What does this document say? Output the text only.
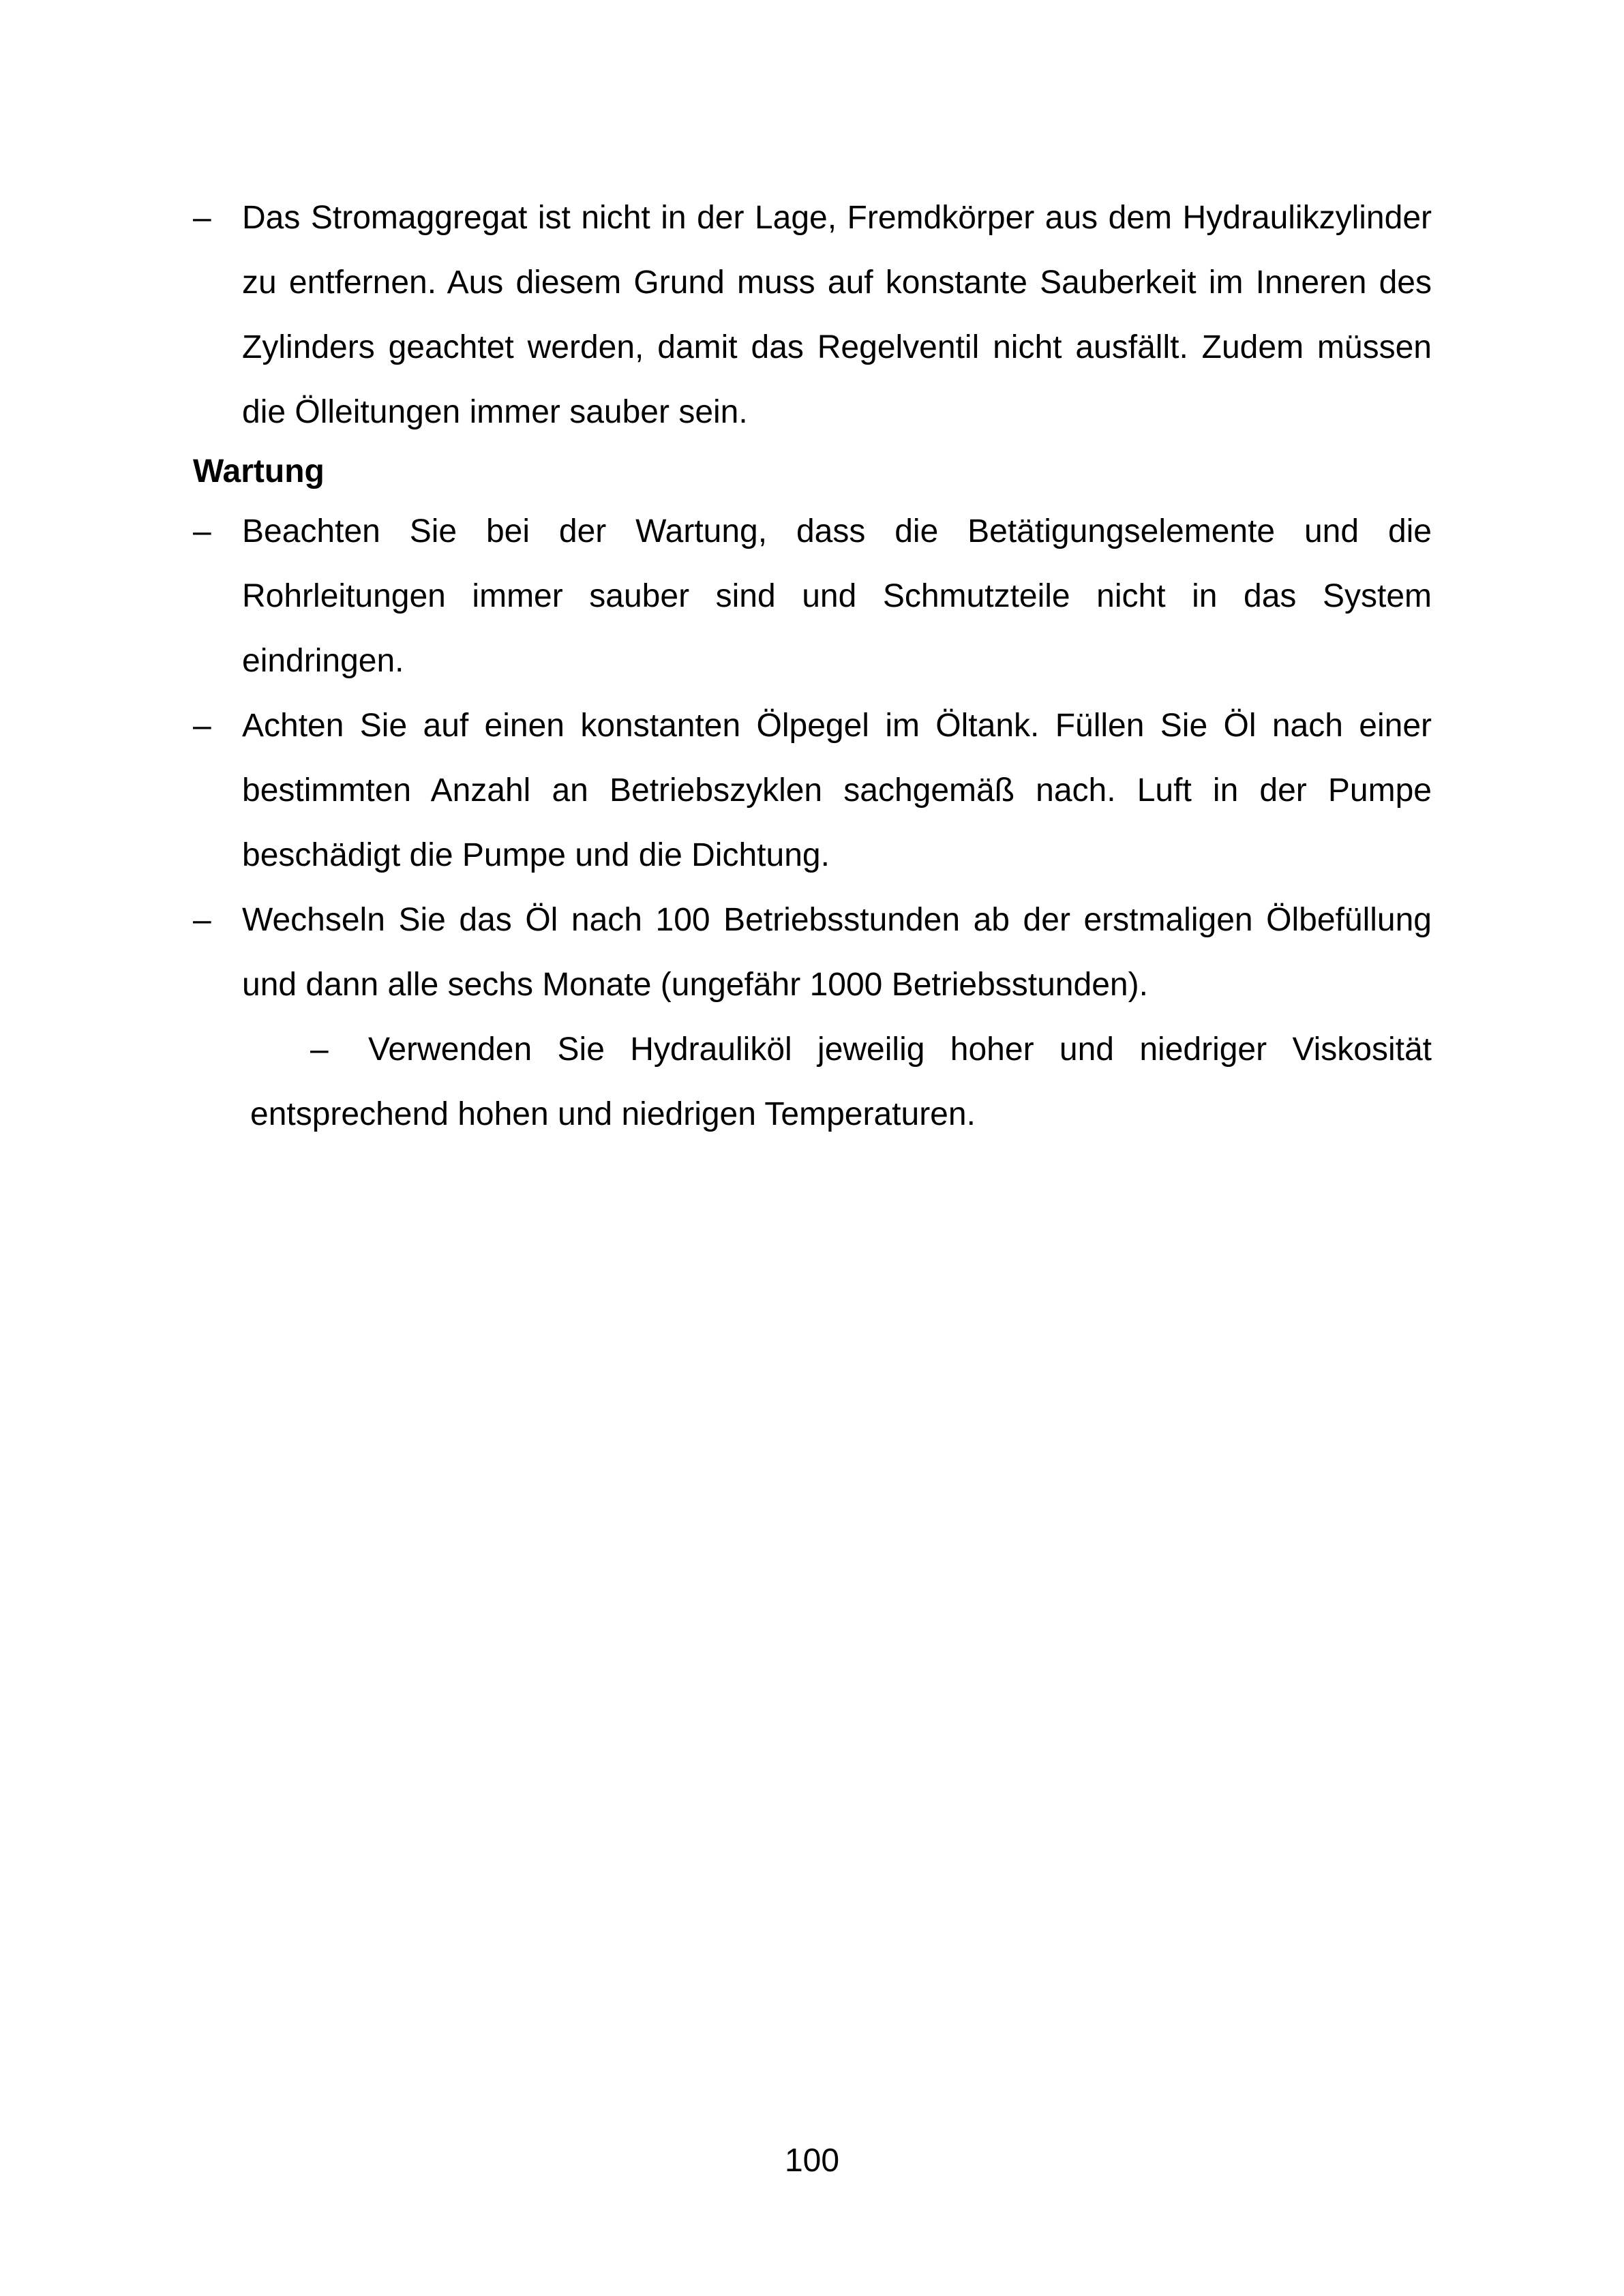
– Das Stromaggregat ist nicht in der Lage, Fremdkörper aus dem Hydraulikzylinder zu entfernen. Aus diesem Grund muss auf konstante Sauberkeit im Inneren des Zylinders geachtet werden, damit das Regelventil nicht ausfällt. Zudem müssen die Ölleitungen immer sauber sein.

Wartung
– Beachten Sie bei der Wartung, dass die Betätigungselemente und die Rohrleitungen immer sauber sind und Schmutzteile nicht in das System eindringen.

– Achten Sie auf einen konstanten Ölpegel im Öltank. Füllen Sie Öl nach einer bestimmten Anzahl an Betriebszyklen sachgemäß nach. Luft in der Pumpe beschädigt die Pumpe und die Dichtung.

– Wechseln Sie das Öl nach 100 Betriebsstunden ab der erstmaligen Ölbefüllung und dann alle sechs Monate (ungefähr 1000 Betriebsstunden).

–	Verwenden Sie Hydrauliköl jeweilig hoher und niedriger Viskosität entsprechend hohen und niedrigen Temperaturen.

100
